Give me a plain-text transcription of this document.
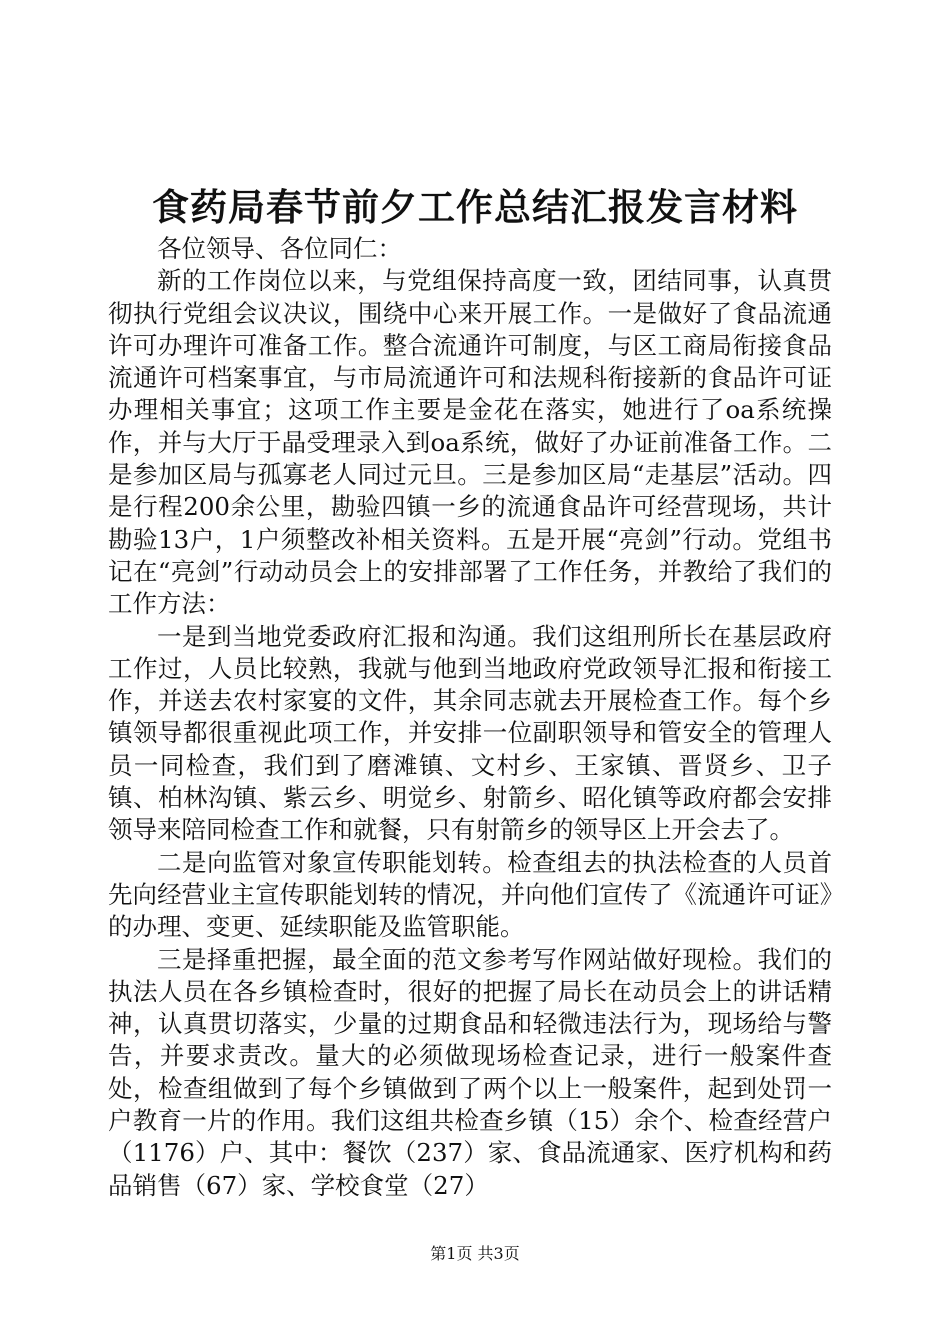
食药局春节前夕工作总结汇报发言材料

各位领导、各位同仁：

新的工作岗位以来，与党组保持高度一致，团结同事，认真贯彻执行党组会议决议，围绕中心来开展工作。一是做好了食品流通许可办理许可准备工作。整合流通许可制度，与区工商局衔接食品流通许可档案事宜，与市局流通许可和法规科衔接新的食品许可证办理相关事宜；这项工作主要是金花在落实，她进行了oa系统操作，并与大厅于晶受理录入到oa系统，做好了办证前准备工作。二是参加区局与孤寡老人同过元旦。三是参加区局“走基层”活动。四是行程200余公里，勘验四镇一乡的流通食品许可经营现场，共计勘验13户，1户须整改补相关资料。五是开展“亮剑”行动。党组书记在“亮剑”行动动员会上的安排部署了工作任务，并教给了我们的工作方法：

一是到当地党委政府汇报和沟通。我们这组刑所长在基层政府工作过，人员比较熟，我就与他到当地政府党政领导汇报和衔接工作，并送去农村家宴的文件，其余同志就去开展检查工作。每个乡镇领导都很重视此项工作，并安排一位副职领导和管安全的管理人员一同检查，我们到了磨滩镇、文村乡、王家镇、晋贤乡、卫子镇、柏林沟镇、紫云乡、明觉乡、射箭乡、昭化镇等政府都会安排领导来陪同检查工作和就餐，只有射箭乡的领导区上开会去了。

二是向监管对象宣传职能划转。检查组去的执法检查的人员首先向经营业主宣传职能划转的情况，并向他们宣传了《流通许可证》的办理、变更、延续职能及监管职能。

三是择重把握，最全面的范文参考写作网站做好现检。我们的执法人员在各乡镇检查时，很好的把握了局长在动员会上的讲话精神，认真贯切落实，少量的过期食品和轻微违法行为，现场给与警告，并要求责改。量大的必须做现场检查记录，进行一般案件查处，检查组做到了每个乡镇做到了两个以上一般案件，起到处罚一户教育一片的作用。我们这组共检查乡镇（15）余个、检查经营户（1176）户、其中：餐饮（237）家、食品流通家、医疗机构和药品销售（67）家、学校食堂（27）

第1页 共3页
